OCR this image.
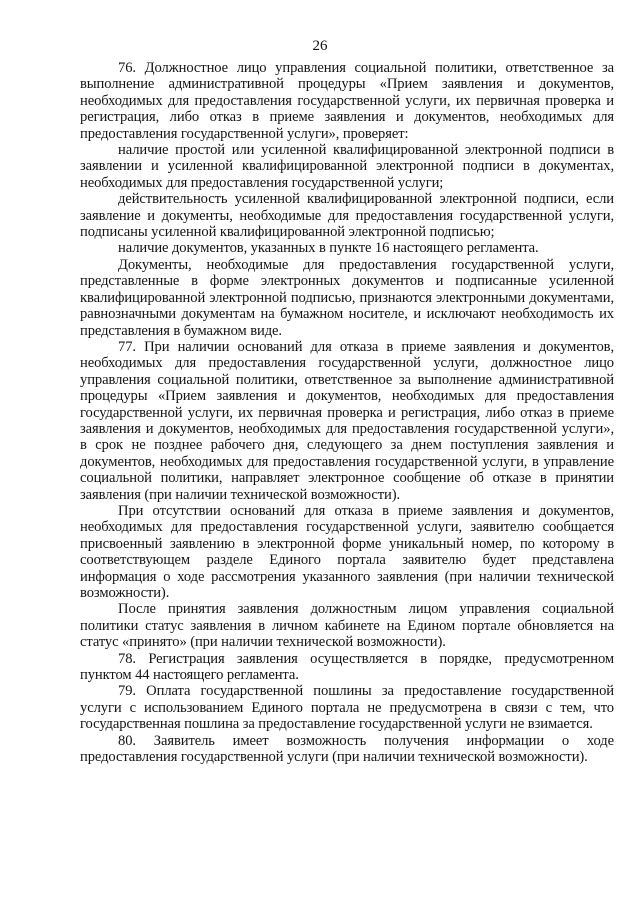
26

76. Должностное лицо управления социальной политики, ответственное за выполнение административной процедуры «Прием заявления и документов, необходимых для предоставления государственной услуги, их первичная проверка и регистрация, либо отказ в приеме заявления и документов, необходимых для предоставления государственной услуги», проверяет:

наличие простой или усиленной квалифицированной электронной подписи в заявлении и усиленной квалифицированной электронной подписи в документах, необходимых для предоставления государственной услуги;

действительность усиленной квалифицированной электронной подписи, если заявление и документы, необходимые для предоставления государственной услуги, подписаны усиленной квалифицированной электронной подписью;

наличие документов, указанных в пункте 16 настоящего регламента.

Документы, необходимые для предоставления государственной услуги, представленные в форме электронных документов и подписанные усиленной квалифицированной электронной подписью, признаются электронными документами, равнозначными документам на бумажном носителе, и исключают необходимость их представления в бумажном виде.

77. При наличии оснований для отказа в приеме заявления и документов, необходимых для предоставления государственной услуги, должностное лицо управления социальной политики, ответственное за выполнение административной процедуры «Прием заявления и документов, необходимых для предоставления государственной услуги, их первичная проверка и регистрация, либо отказ в приеме заявления и документов, необходимых для предоставления государственной услуги», в срок не позднее рабочего дня, следующего за днем поступления заявления и документов, необходимых для предоставления государственной услуги, в управление социальной политики, направляет электронное сообщение об отказе в принятии заявления (при наличии технической возможности).

При отсутствии оснований для отказа в приеме заявления и документов, необходимых для предоставления государственной услуги, заявителю сообщается присвоенный заявлению в электронной форме уникальный номер, по которому в соответствующем разделе Единого портала заявителю будет представлена информация о ходе рассмотрения указанного заявления (при наличии технической возможности).

После принятия заявления должностным лицом управления социальной политики статус заявления в личном кабинете на Едином портале обновляется на статус «принято» (при наличии технической возможности).

78. Регистрация заявления осуществляется в порядке, предусмотренном пунктом 44 настоящего регламента.

79. Оплата государственной пошлины за предоставление государственной услуги с использованием Единого портала не предусмотрена в связи с тем, что государственная пошлина за предоставление государственной услуги не взимается.

80. Заявитель имеет возможность получения информации о ходе предоставления государственной услуги (при наличии технической возможности).
